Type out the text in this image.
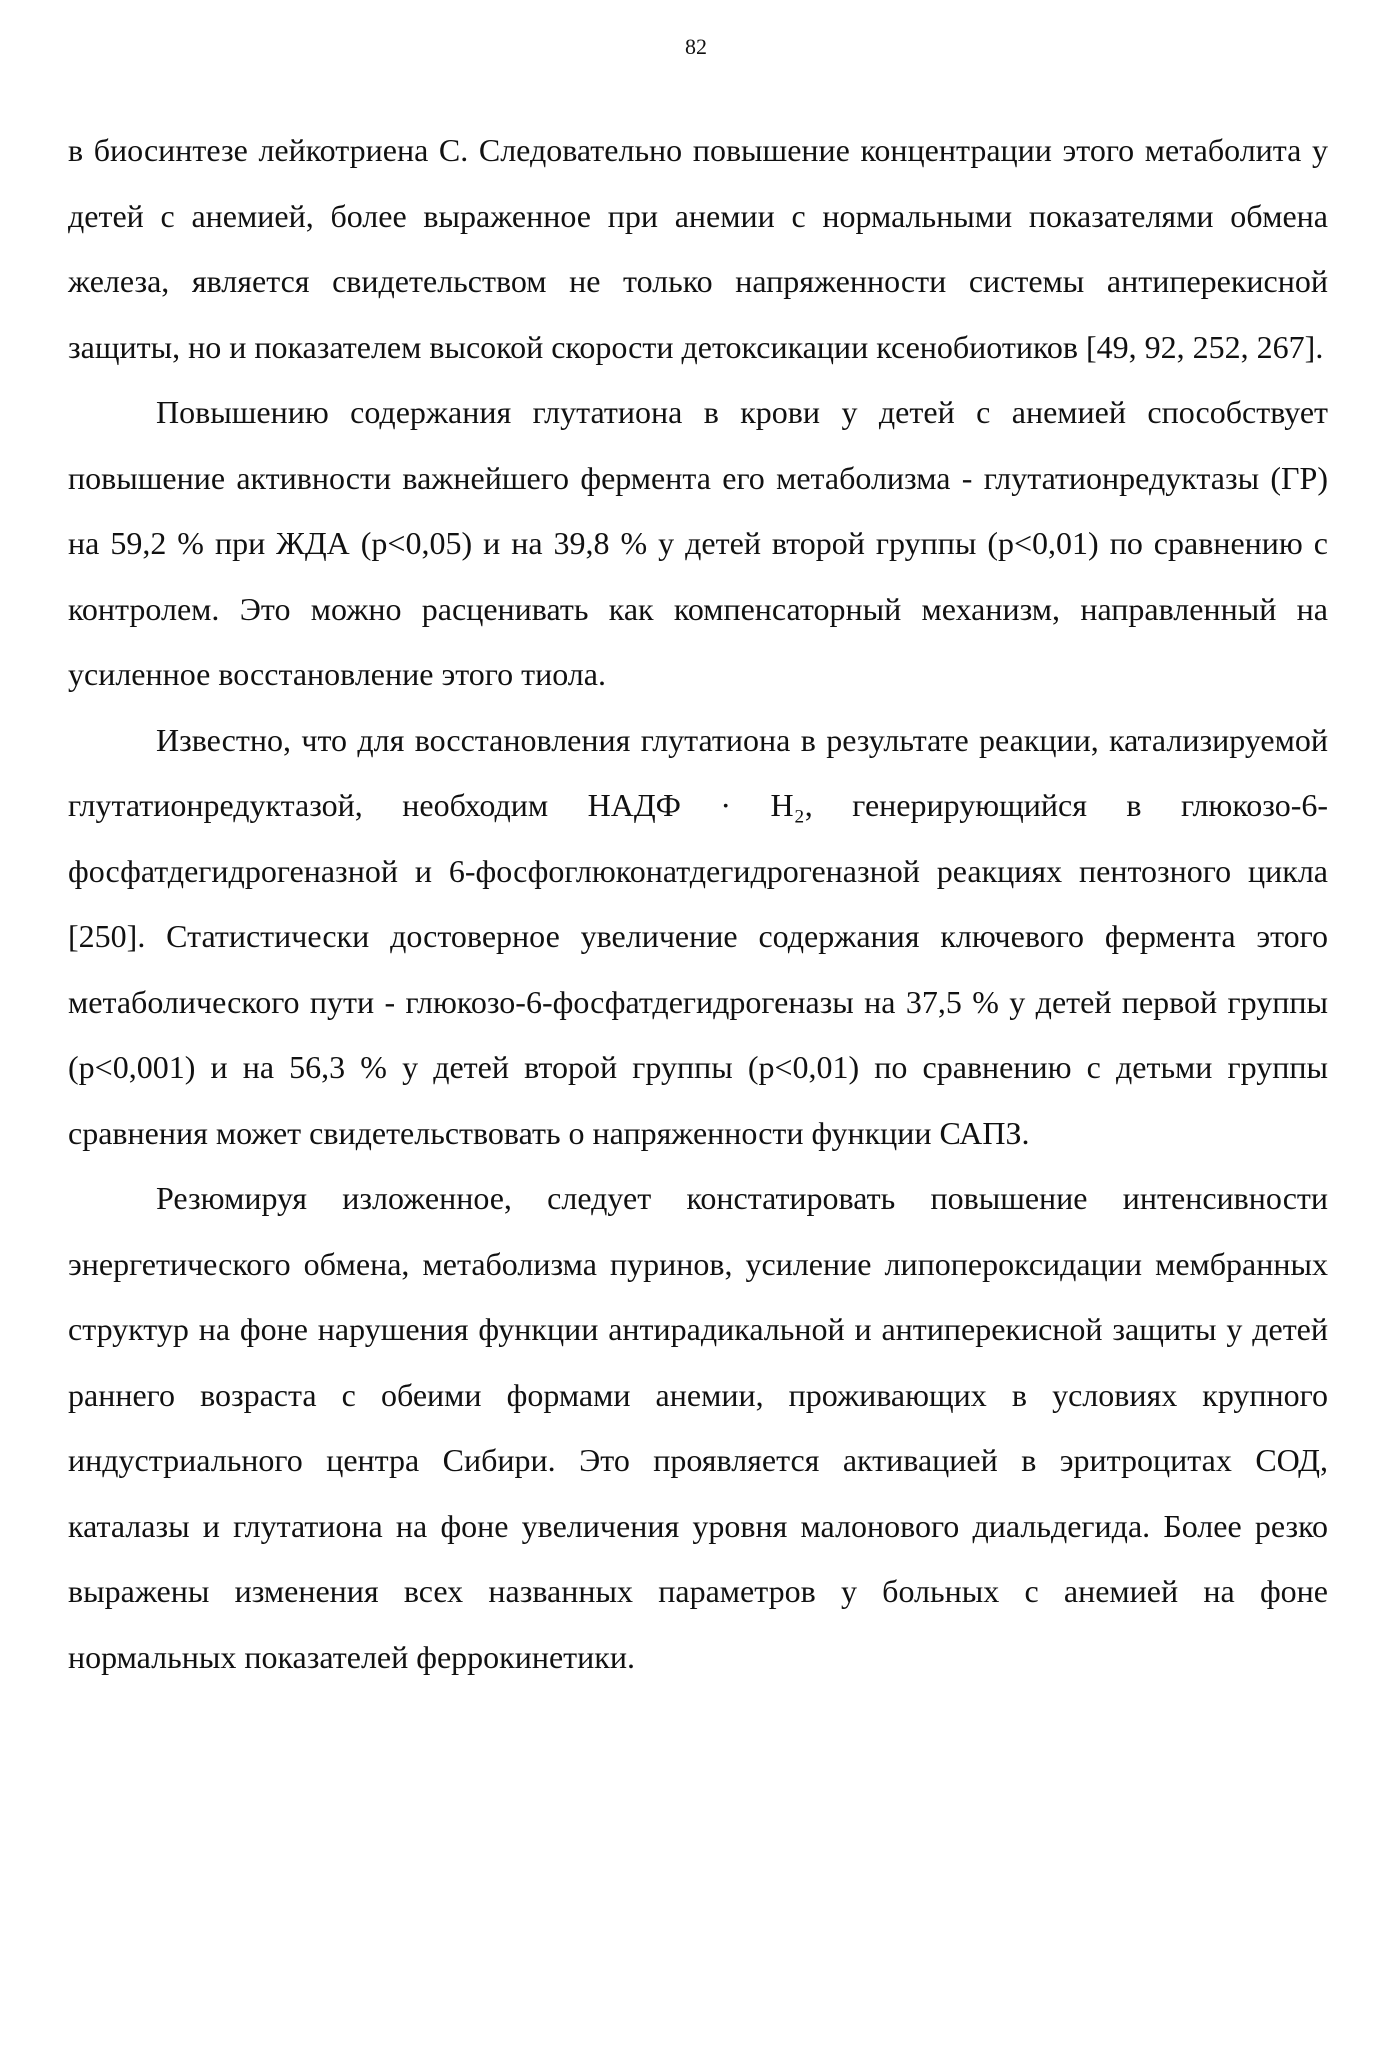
82

в биосинтезе лейкотриена С. Следовательно повышение концентрации этого метаболита у детей с анемией, более выраженное при анемии с нормальными показателями обмена железа, является свидетельством не только напряженности системы антиперекисной защиты, но и показателем высокой скорости детоксикации ксенобиотиков [49, 92, 252, 267].

Повышению содержания глутатиона в крови у детей с анемией способствует повышение активности важнейшего фермента его метаболизма - глутатионредуктазы (ГР) на 59,2 % при ЖДА (р<0,05) и на 39,8 % у детей второй группы (р<0,01) по сравнению с контролем. Это можно расценивать как компенсаторный механизм, направленный на усиленное восстановление этого тиола.

Известно, что для восстановления глутатиона в результате реакции, катализируемой глутатионредуктазой, необходим НАДФ · Н₂, генерирующийся в глюкозо-6-фосфатдегидрогеназной и 6-фосфоглюконатдегидрогеназной реакциях пентозного цикла [250]. Статистически достоверное увеличение содержания ключевого фермента этого метаболического пути - глюкозо-6-фосфатдегидрогеназы на 37,5 % у детей первой группы (р<0,001) и на 56,3 % у детей второй группы (р<0,01) по сравнению с детьми группы сравнения может свидетельствовать о напряженности функции САПЗ.

Резюмируя изложенное, следует констатировать повышение интенсивности энергетического обмена, метаболизма пуринов, усиление липопероксидации мембранных структур на фоне нарушения функции антирадикальной и антиперекисной защиты у детей раннего возраста с обеими формами анемии, проживающих в условиях крупного индустриального центра Сибири. Это проявляется активацией в эритроцитах СОД, каталазы и глутатиона на фоне увеличения уровня малонового диальдегида. Более резко выражены изменения всех названных параметров у больных с анемией на фоне нормальных показателей феррокинетики.
